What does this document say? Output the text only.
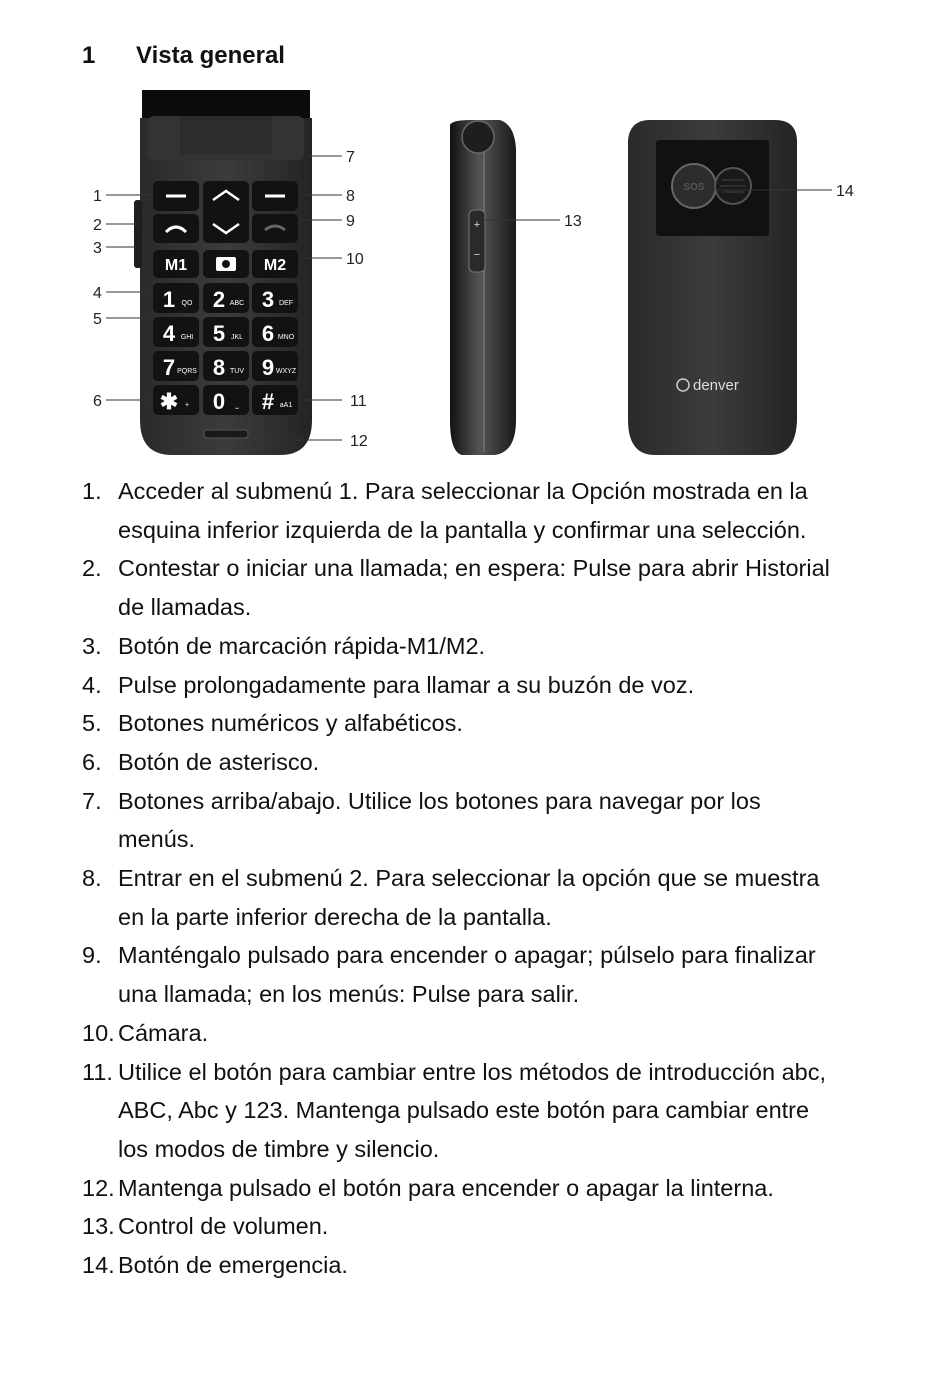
1 Vista general
M1	M2
1 QO 2 ABC 3 DEF
4 GHI 5 JKL 6 MNO
7 PQRS 8 TUV 9 WXYZ
✱ + 0 ⎵ # aA1
+
−
SOS
denver
1
2
3
4
5
6
7
8
9
10
11
12
13
14
1. Acceder al submenú 1. Para seleccionar la Opción mostrada en la
esquina inferior izquierda de la pantalla y confirmar una selección.
2. Contestar o iniciar una llamada; en espera: Pulse para abrir Historial
de llamadas.
3. Botón de marcación rápida-M1/M2.
4. Pulse prolongadamente para llamar a su buzón de voz.
5. Botones numéricos y alfabéticos.
6. Botón de asterisco.
7. Botones arriba/abajo. Utilice los botones para navegar por los
menús.
8. Entrar en el submenú 2. Para seleccionar la opción que se muestra
en la parte inferior derecha de la pantalla.
9. Manténgalo pulsado para encender o apagar; púlselo para finalizar
una llamada; en los menús: Pulse para salir.
10. Cámara.
11. Utilice el botón para cambiar entre los métodos de introducción abc,
ABC, Abc y 123. Mantenga pulsado este botón para cambiar entre
los modos de timbre y silencio.
12. Mantenga pulsado el botón para encender o apagar la linterna.
13. Control de volumen.
14. Botón de emergencia.
